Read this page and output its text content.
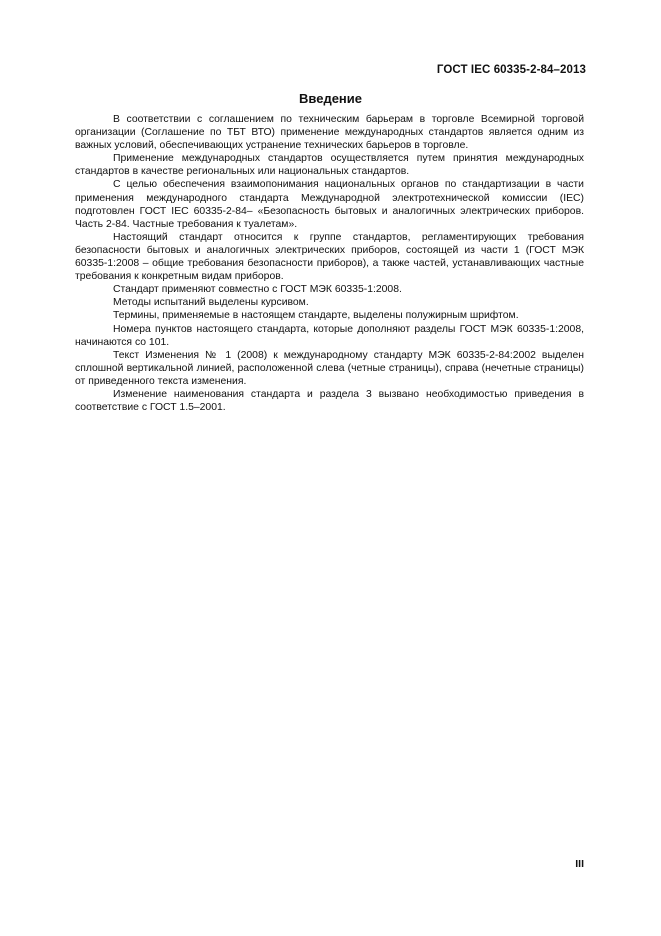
ГОСТ IEC 60335-2-84–2013
Введение

В соответствии с соглашением по техническим барьерам в торговле Всемирной торговой организации (Соглашение по ТБТ ВТО) применение международных стандартов является одним из важных условий, обеспечивающих устранение технических барьеров в торговле.

Применение международных стандартов осуществляется путем принятия международных стандартов в качестве региональных или национальных стандартов.

С целью обеспечения взаимопонимания национальных органов по стандартизации в части применения международного стандарта Международной электротехнической комиссии (IEC) подготовлен ГОСТ IEC 60335-2-84– «Безопасность бытовых и аналогичных электрических приборов. Часть 2-84. Частные требования к туалетам».

Настоящий стандарт относится к группе стандартов, регламентирующих требования безопасности бытовых и аналогичных электрических приборов, состоящей из части 1 (ГОСТ МЭК 60335-1:2008 – общие требования безопасности приборов), а также частей, устанавливающих частные требования к конкретным видам приборов.

Стандарт применяют совместно с ГОСТ МЭК 60335-1:2008.

Методы испытаний выделены курсивом.

Термины, применяемые в настоящем стандарте, выделены полужирным шрифтом.

Номера пунктов настоящего стандарта, которые дополняют разделы ГОСТ МЭК 60335-1:2008, начинаются со 101.

Текст Изменения № 1 (2008) к международному стандарту МЭК 60335-2-84:2002 выделен сплошной вертикальной линией, расположенной слева (четные страницы), справа (нечетные страницы) от приведенного текста изменения.

Изменение наименования стандарта и раздела 3 вызвано необходимостью приведения в соответствие с ГОСТ 1.5–2001.

III
